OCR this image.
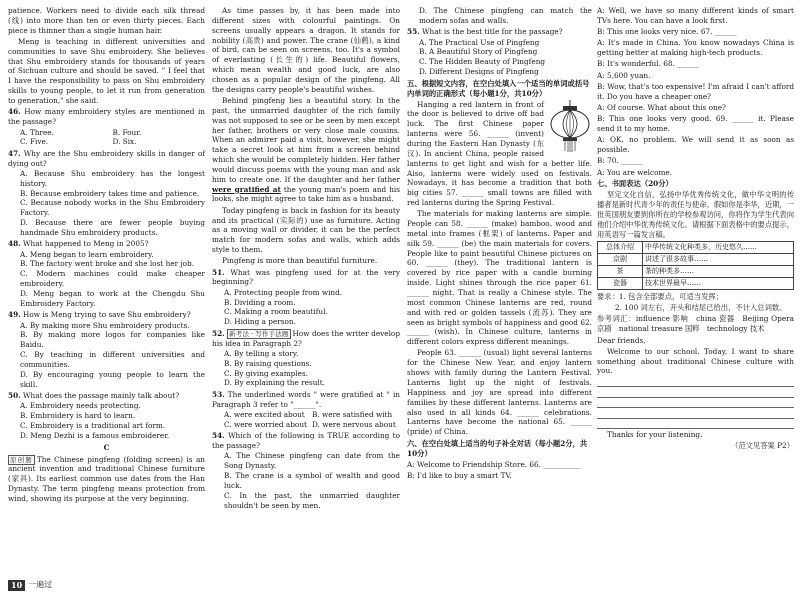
patience. Workers need to divide each silk thread (线) into more than ten or even thirty pieces. Each piece is thinner than a single human hair.

Meng is teaching in different universities and communities to save Shu embroidery. She believes that Shu embroidery stands for thousands of years of Sichuan culture and should be saved. " I feel that I have the responsibility to pass on Shu embroidery skills to young people, to let it run from generation to generation," she said.

46. How many embroidery styles are mentioned in the passage?

A. Three.	B. Four.
C. Five.	D. Six.

47. Why are the Shu embroidery skills in danger of dying out?

A. Because Shu embroidery has the longest history.

B. Because embroidery takes time and patience.

C. Because nobody works in the Shu Embroidery Factory.

D. Because there are fewer people buying handmade Shu embroidery products.

48. What happened to Meng in 2005?

A. Meng began to learn embroidery.

B. The factory went broke and she lost her job.

C. Modern machines could make cheaper embroidery.

D. Meng began to work at the Chengdu Shu Embroidery Factory.

49. How is Meng trying to save Shu embroidery?

A. By making more Shu embroidery products.

B. By making more logos for companies like Baidu.

C. By teaching in different universities and communities.

D. By encouraging young people to learn the skill.

50. What does the passage mainly talk about?

A. Embroidery needs protecting.

B. Embroidery is hard to learn.

C. Embroidery is a traditional art form.

D. Meng Dezhi is a famous embroiderer.

C

原创题 The Chinese pingfeng (folding screen) is an ancient invention and traditional Chinese furniture (家具). Its earliest common use dates from the Han Dynasty. The term pingfeng means protection from wind, showing its purpose at the very beginning.

As time passes by, it has been made into different sizes with colourful paintings. On screens usually appears a dragon. It stands for nobility (高贵) and power. The crane (仙鹤), a kind of bird, can be seen on screens, too. It's a symbol of everlasting (长生的) life. Beautiful flowers, which mean wealth and good luck, are also chosen as a popular design of the pingfeng. All the designs carry people's beautiful wishes.

Behind pingfeng lies a beautiful story. In the past, the unmarried daughter of the rich family was not supposed to see or be seen by men except her father, brothers or very close male cousins. When an admirer paid a visit, however, she might take a secret look at him from a screen behind which she would be completely hidden. Her father would discuss poems with the young man and ask him to create one. If the daughter and her father were gratified at the young man's poem and his looks, she might agree to take him as a husband.

Today pingfeng is back in fashion for its beauty and its practical (实际的) use as furniture. Acting as a moving wall or divider, it can be the perfect match for modern sofas and walls, which adds style to them.

Pingfeng is more than beautiful furniture.

51. What was pingfeng used for at the very beginning?

A. Protecting people from wind.

B. Dividing a room.

C. Making a room beautiful.

D. Hiding a person.

52. 新考法 · 写作手法题 How does the writer develop his idea in Paragraph 2?

A. By telling a story.

B. By raising questions.

C. By giving examples.

D. By explaining the result.

53. The underlined words " were gratified at " in Paragraph 3 refer to "______".

A. were excited about B. were satisfied with
C. were worried about D. were nervous about

54. Which of the following is TRUE according to the passage?

A. The Chinese pingfeng can date from the Song Dynasty.

B. The crane is a symbol of wealth and good luck.

C. In the past, the unmarried daughter shouldn't be seen by men.

D. The Chinese pingfeng can match the modern sofas and walls.

55. What is the best title for the passage?

A. The Practical Use of Pingfeng

B. A Beautiful Story of Pingfeng

C. The Hidden Beauty of Pingfeng

D. Different Designs of Pingfeng

五、根据短文内容，在空白处填入一个适当的单词或括号内单词的正确形式（每小题1分，共10分）

Hanging a red lantern in front of the door is believed to drive off bad luck. The first Chinese paper lanterns were 56. ______ (invent) during the Eastern Han Dynasty (东汉). In ancient China, people raised lanterns to get light and wish for a better life. Also, lanterns were widely used on festivals. Nowadays, it has become a tradition that both big cities 57. ______ small towns are filled with red lanterns during the Spring Festival.

The materials for making lanterns are simple. People can 58. ______ (make) bamboo, wood and metal into frames (框架) of lanterns. Paper and silk 59. ______ (be) the main materials for covers. People like to paint beautiful Chinese pictures on 60. ______ (they). The traditional lantern is covered by rice paper with a candle burning inside. Light shines through the rice paper 61. ______ night. That is really a Chinese style. The most common Chinese lanterns are red, round and with red or golden tassels (流苏). They are seen as bright symbols of happiness and good 62. ______ (wish). In Chinese culture, lanterns in different colors express different meanings.

People 63. ______ (usual) light several lanterns for the Chinese New Year, and enjoy lantern shows with family during the Lantern Festival. Lanterns light up the night of festivals. Happiness and joy are spread into different families by these different lanterns. Lanterns are also used in all kinds 64. ______ celebrations. Lanterns have become the national 65. ______ (pride) of China.

六、在空白处填上适当的句子补全对话（每小题2分，共10分）

A: Welcome to Friendship Store. 66. __________

B: I'd like to buy a smart TV.

A: Well, we have so many different kinds of smart TVs here. You can have a look first.

B: This one looks very nice. 67. ______

A: It's made in China. You know nowadays China is getting better at making high-tech products.

B: It's wonderful. 68. ______

A: 5,600 yuan.

B: Wow, that's too expensive! I'm afraid I can't afford it. Do you have a cheaper one?

A: Of course. What about this one?

B: This one looks very good. 69. ______ it. Please send it to my home.

A: OK, no problem. We will send it as soon as possible.

B: 70. ______

A: You are welcome.

七、书面表达（20分）

坚定文化自信，弘扬中华优秀传统文化，做中华文明的传播者是新时代青少年的责任与使命。假如你是李华，近期，一批英国朋友要到你所在的学校参观访问，你将作为学生代表向他们介绍中华优秀传统文化。请根据下面表格中的要点提示，用英语写一篇发言稿。

总体介绍	中华传统文化种类多，历史悠久……
京剧	讲述了很多故事……
茶	茶的种类多……
瓷器	技术世界最早……

要求：1. 包含全部要点，可适当发挥；

2. 100 词左右，开头和结尾已给出，不计入总词数。

参考词汇：influence 影响　china 瓷器　Beijing Opera 京剧　national treasure 国粹　technology 技术

Dear friends,

Welcome to our school. Today, I want to share something about traditional Chinese culture with you.

Thanks for your listening.

（范文见答案 P2）

10 一遍过
